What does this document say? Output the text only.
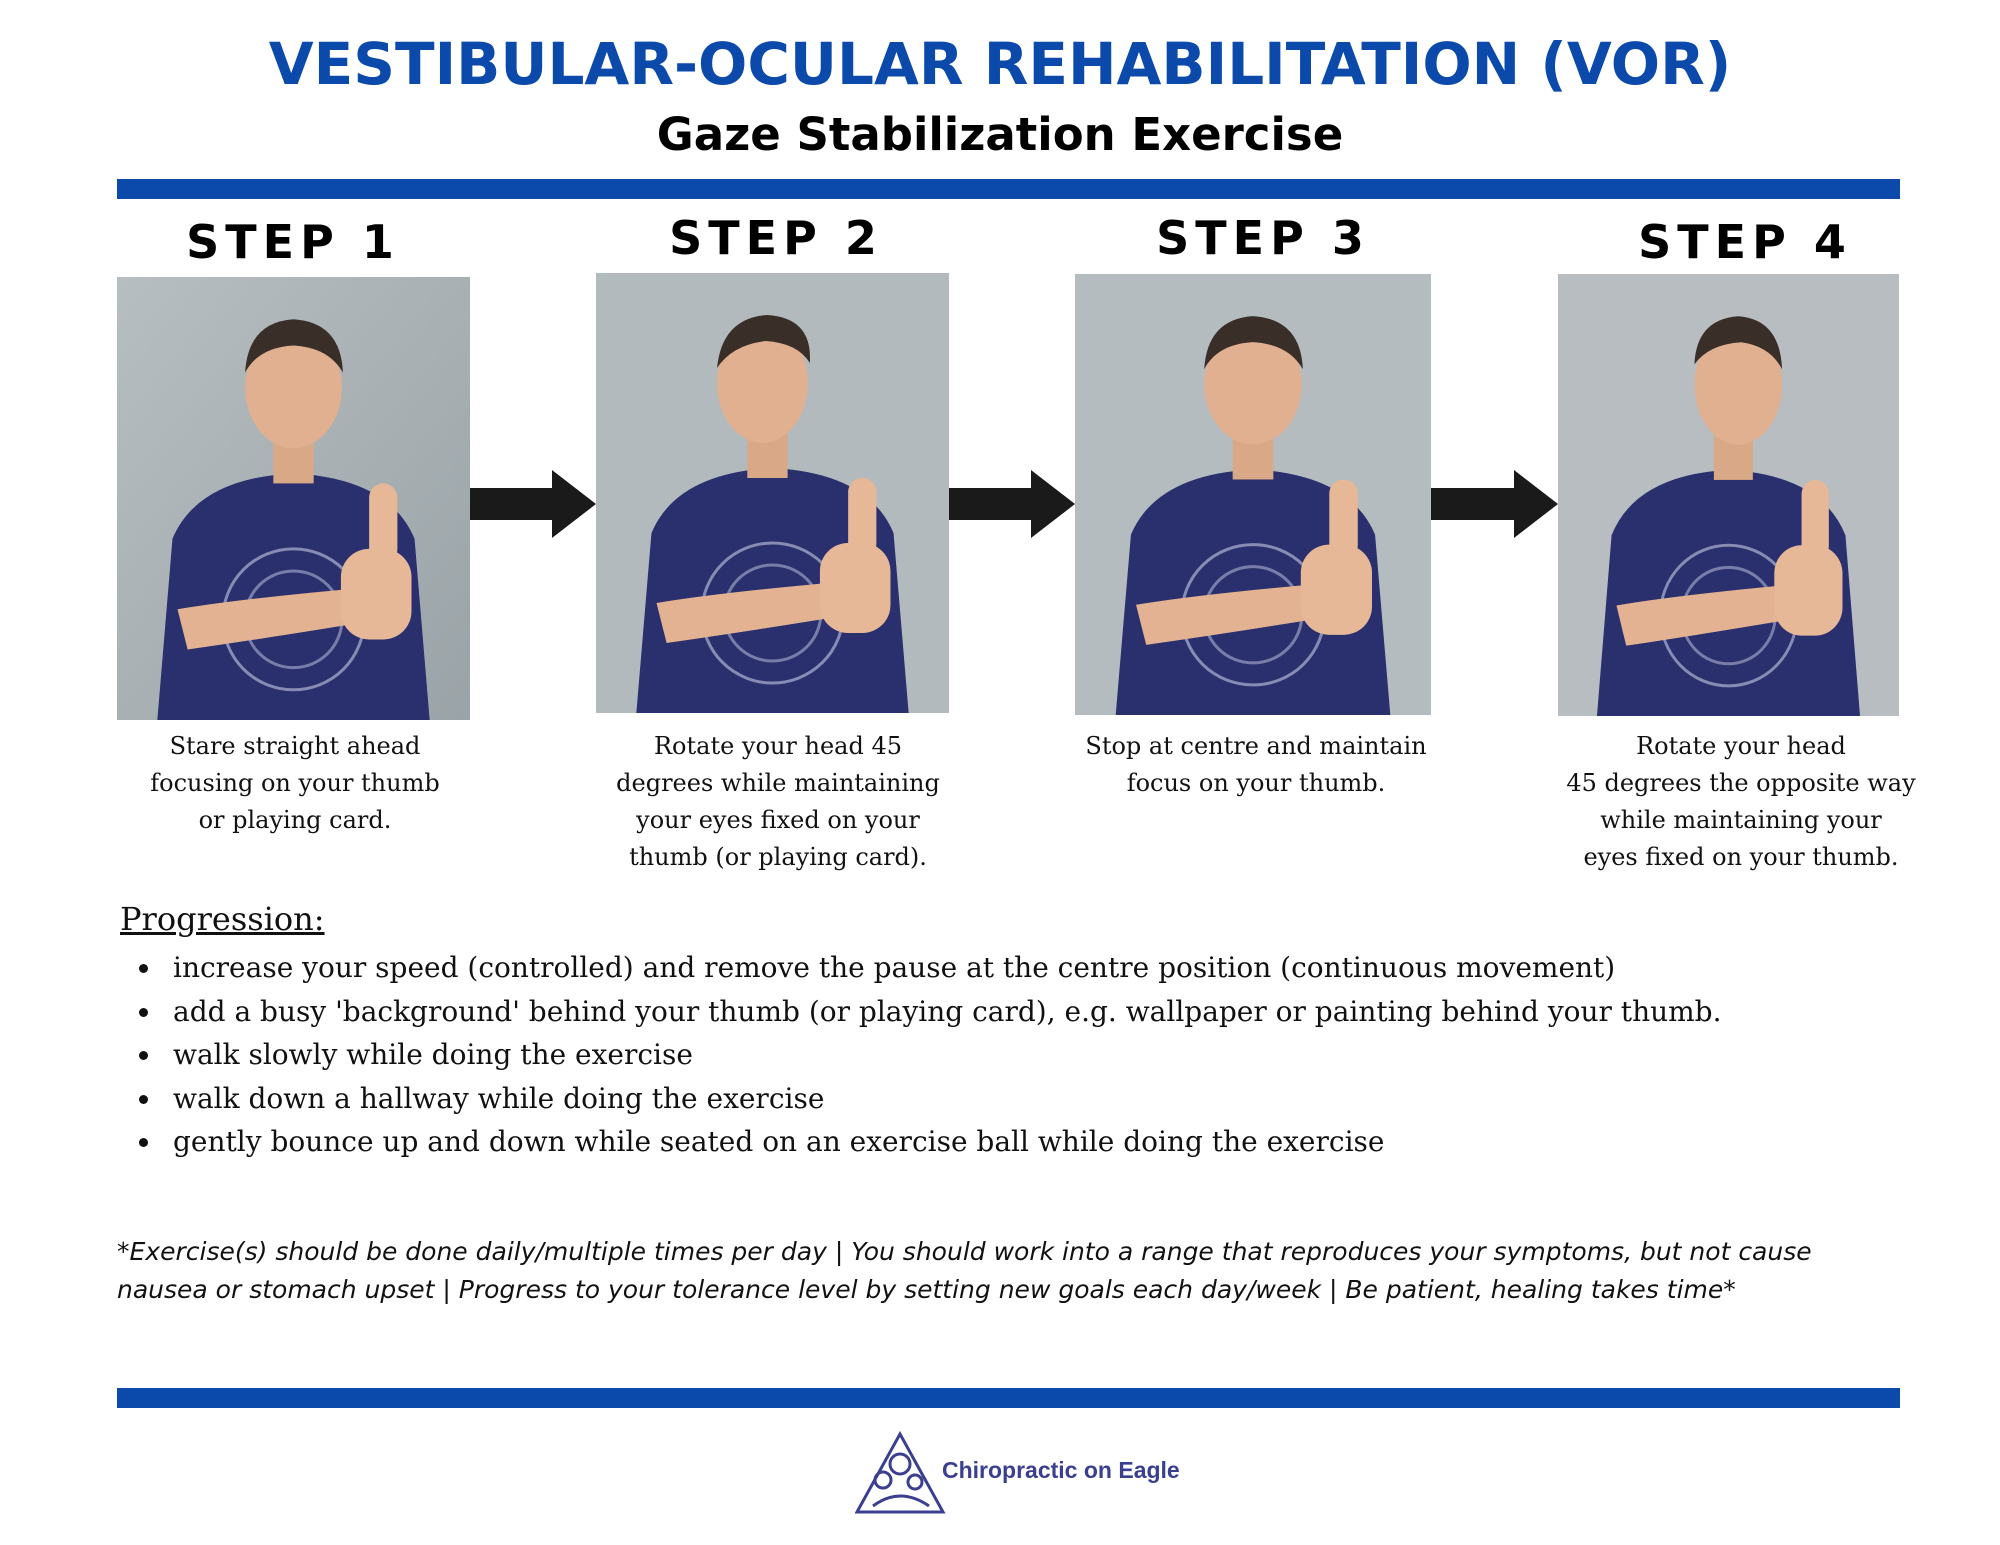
VESTIBULAR-OCULAR REHABILITATION (VOR)
Gaze Stabilization Exercise
STEP 1	STEP 2	STEP 3	STEP 4
Stare straight ahead
focusing on your thumb
or playing card.
Rotate your head 45
degrees while maintaining
your eyes fixed on your
thumb (or playing card).
Stop at centre and maintain
focus on your thumb.
Rotate your head
45 degrees the opposite way
while maintaining your
eyes fixed on your thumb.
Progression:
increase your speed (controlled) and remove the pause at the centre position (continuous movement)
add a busy 'background' behind your thumb (or playing card), e.g. wallpaper or painting behind your thumb.
walk slowly while doing the exercise
walk down a hallway while doing the exercise
gently bounce up and down while seated on an exercise ball while doing the exercise
*Exercise(s) should be done daily/multiple times per day | You should work into a range that reproduces your symptoms, but not cause nausea or stomach upset | Progress to your tolerance level by setting new goals each day/week | Be patient, healing takes time*
Chiropractic on Eagle
